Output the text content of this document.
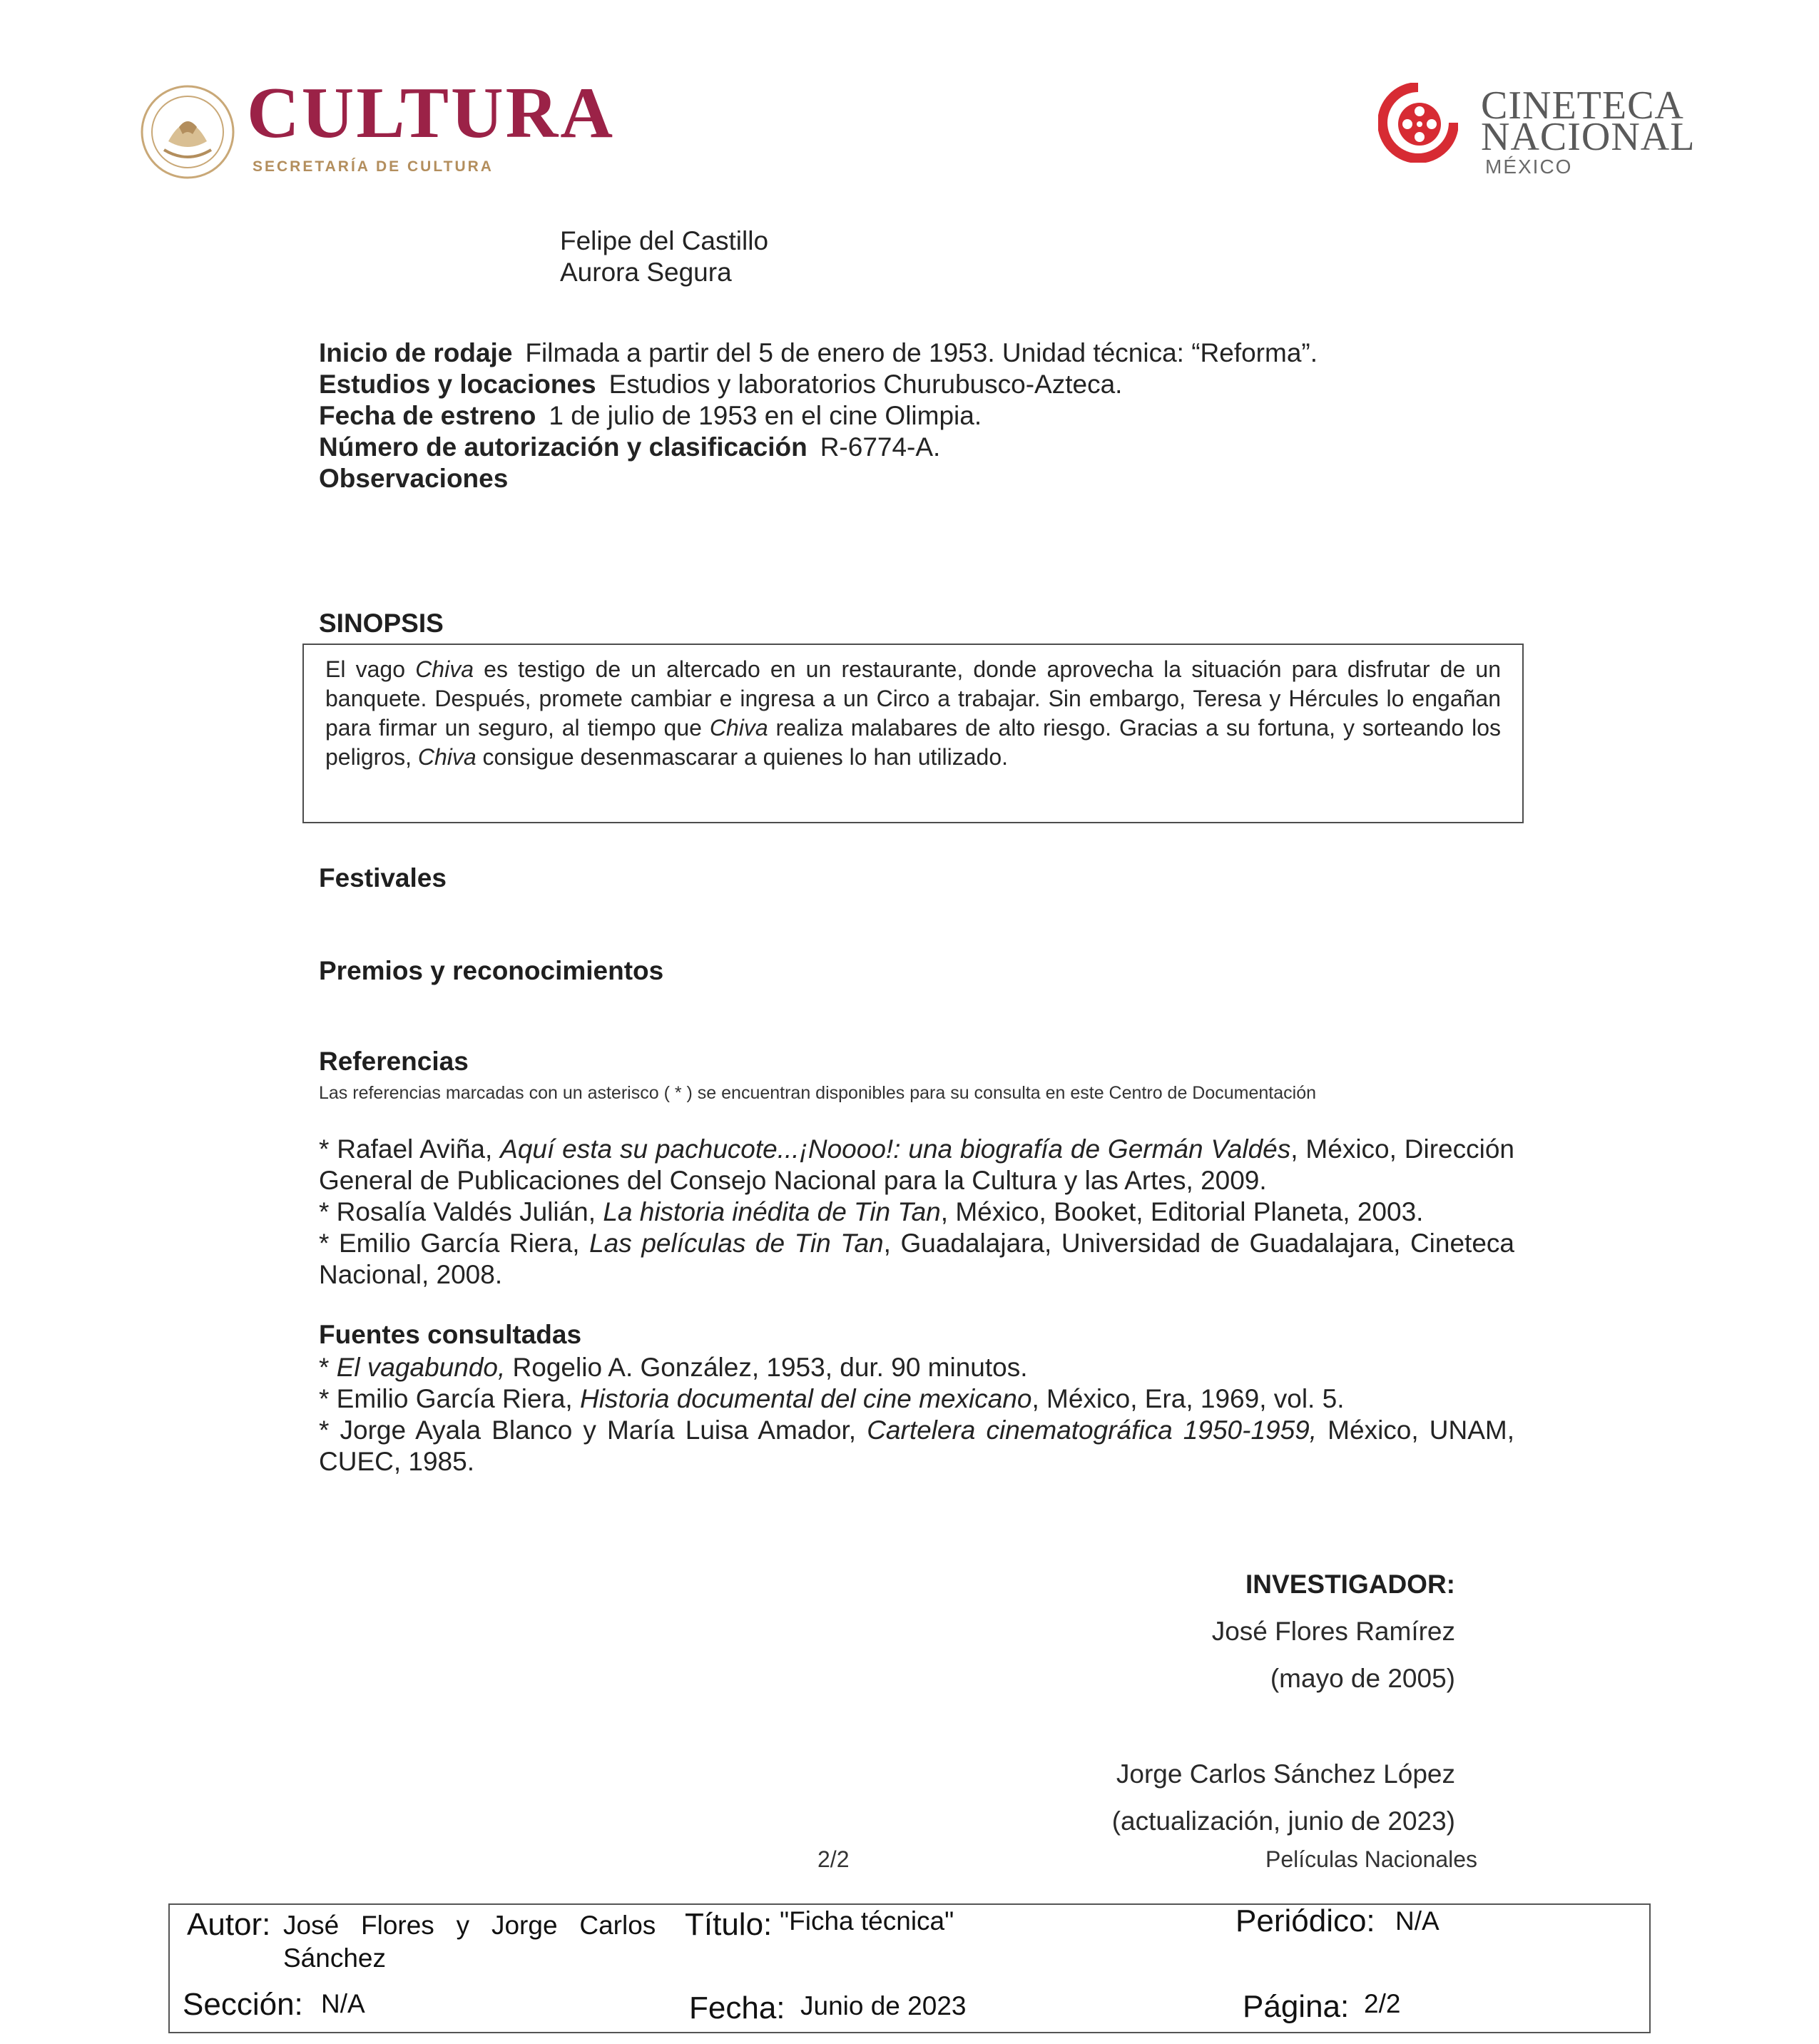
CULTURA
SECRETARÍA DE CULTURA
CINETECA
NACIONAL
MÉXICO
Felipe del Castillo
Aurora Segura
Inicio de rodaje Filmada a partir del 5 de enero de 1953. Unidad técnica: “Reforma”.
Estudios y locaciones Estudios y laboratorios Churubusco-Azteca.
Fecha de estreno 1 de julio de 1953 en el cine Olimpia.
Número de autorización y clasificación R-6774-A.
Observaciones
SINOPSIS
El vago Chiva es testigo de un altercado en un restaurante, donde aprovecha la situación para disfrutar de un banquete. Después, promete cambiar e ingresa a un Circo a trabajar. Sin embargo, Teresa y Hércules lo engañan para firmar un seguro, al tiempo que Chiva realiza malabares de alto riesgo. Gracias a su fortuna, y sorteando los peligros, Chiva consigue desenmascarar a quienes lo han utilizado.
Festivales
Premios y reconocimientos
Referencias
Las referencias marcadas con un asterisco ( * ) se encuentran disponibles para su consulta en este Centro de Documentación

* Rafael Aviña, Aquí esta su pachucote...¡Noooo!: una biografía de Germán Valdés, México, Dirección General de Publicaciones del Consejo Nacional para la Cultura y las Artes, 2009.

* Rosalía Valdés Julián, La historia inédita de Tin Tan, México, Booket, Editorial Planeta, 2003.

* Emilio García Riera, Las películas de Tin Tan, Guadalajara, Universidad de Guadalajara, Cineteca Nacional, 2008.

Fuentes consultadas

* El vagabundo, Rogelio A. González, 1953, dur. 90 minutos.

* Emilio García Riera, Historia documental del cine mexicano, México, Era, 1969, vol. 5.

* Jorge Ayala Blanco y María Luisa Amador, Cartelera cinematográfica 1950-1959, México, UNAM, CUEC, 1985.

INVESTIGADOR:
José Flores Ramírez
(mayo de 2005)
Jorge Carlos Sánchez López
(actualización, junio de 2023)
2/2	Películas Nacionales
Autor: José   Flores   y   Jorge   Carlos
Sánchez
Título: "Ficha técnica"	Periódico: N/A
Sección: N/A	Fecha: Junio de 2023	Página: 2/2
